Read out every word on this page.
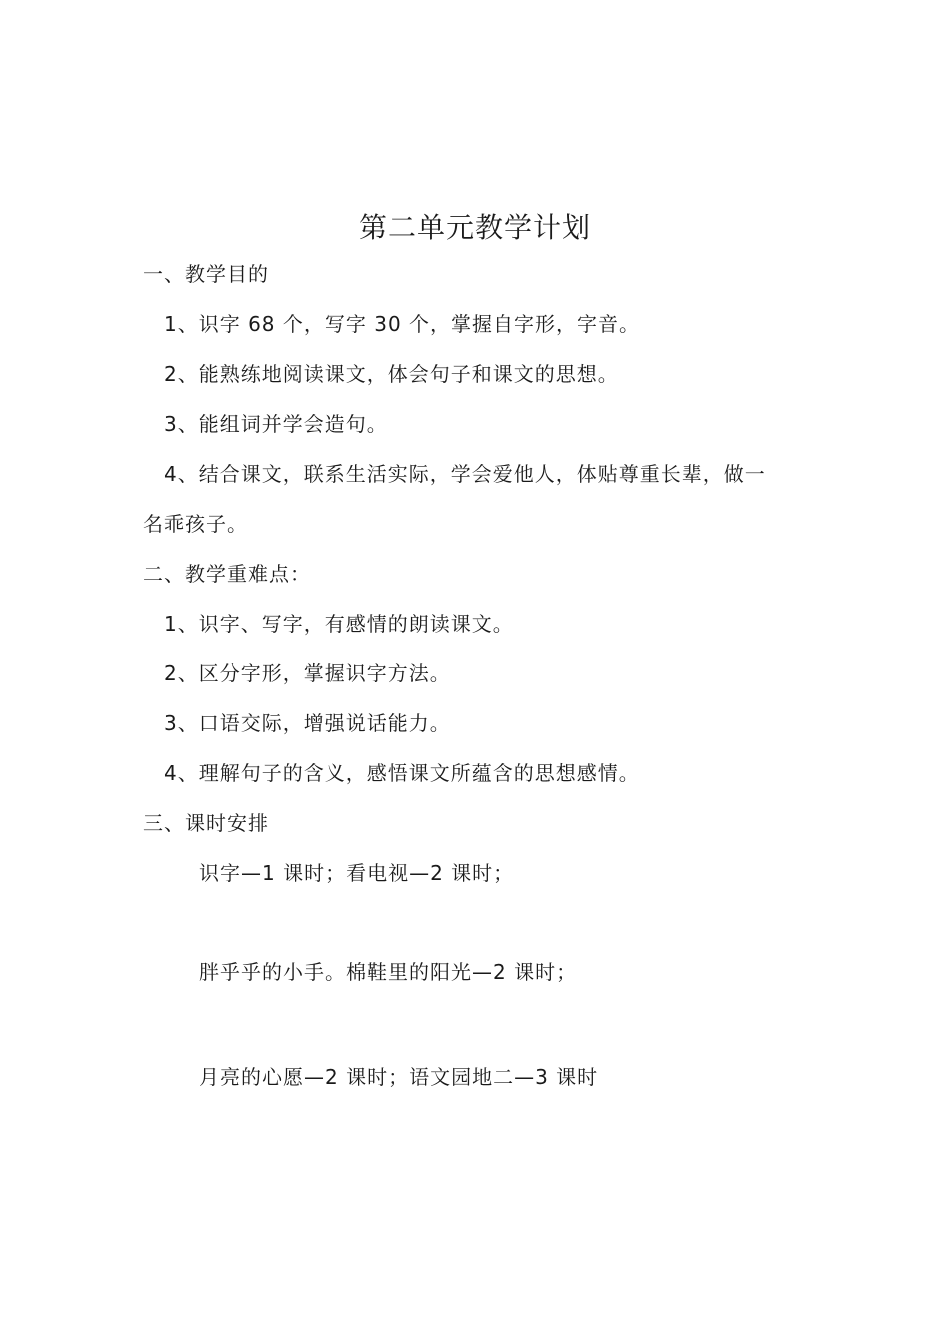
第二单元教学计划
一、教学目的
1、识字 68 个，写字 30 个，掌握自字形，字音。
2、能熟练地阅读课文，体会句子和课文的思想。
3、能组词并学会造句。
4、结合课文，联系生活实际，学会爱他人，体贴尊重长辈，做一
名乖孩子。
二、教学重难点：
1、识字、写字，有感情的朗读课文。
2、区分字形，掌握识字方法。
3、口语交际，增强说话能力。
4、理解句子的含义，感悟课文所蕴含的思想感情。
三、课时安排
识字—1 课时；看电视—2 课时；
胖乎乎的小手。棉鞋里的阳光—2 课时；
月亮的心愿—2 课时；语文园地二—3 课时
